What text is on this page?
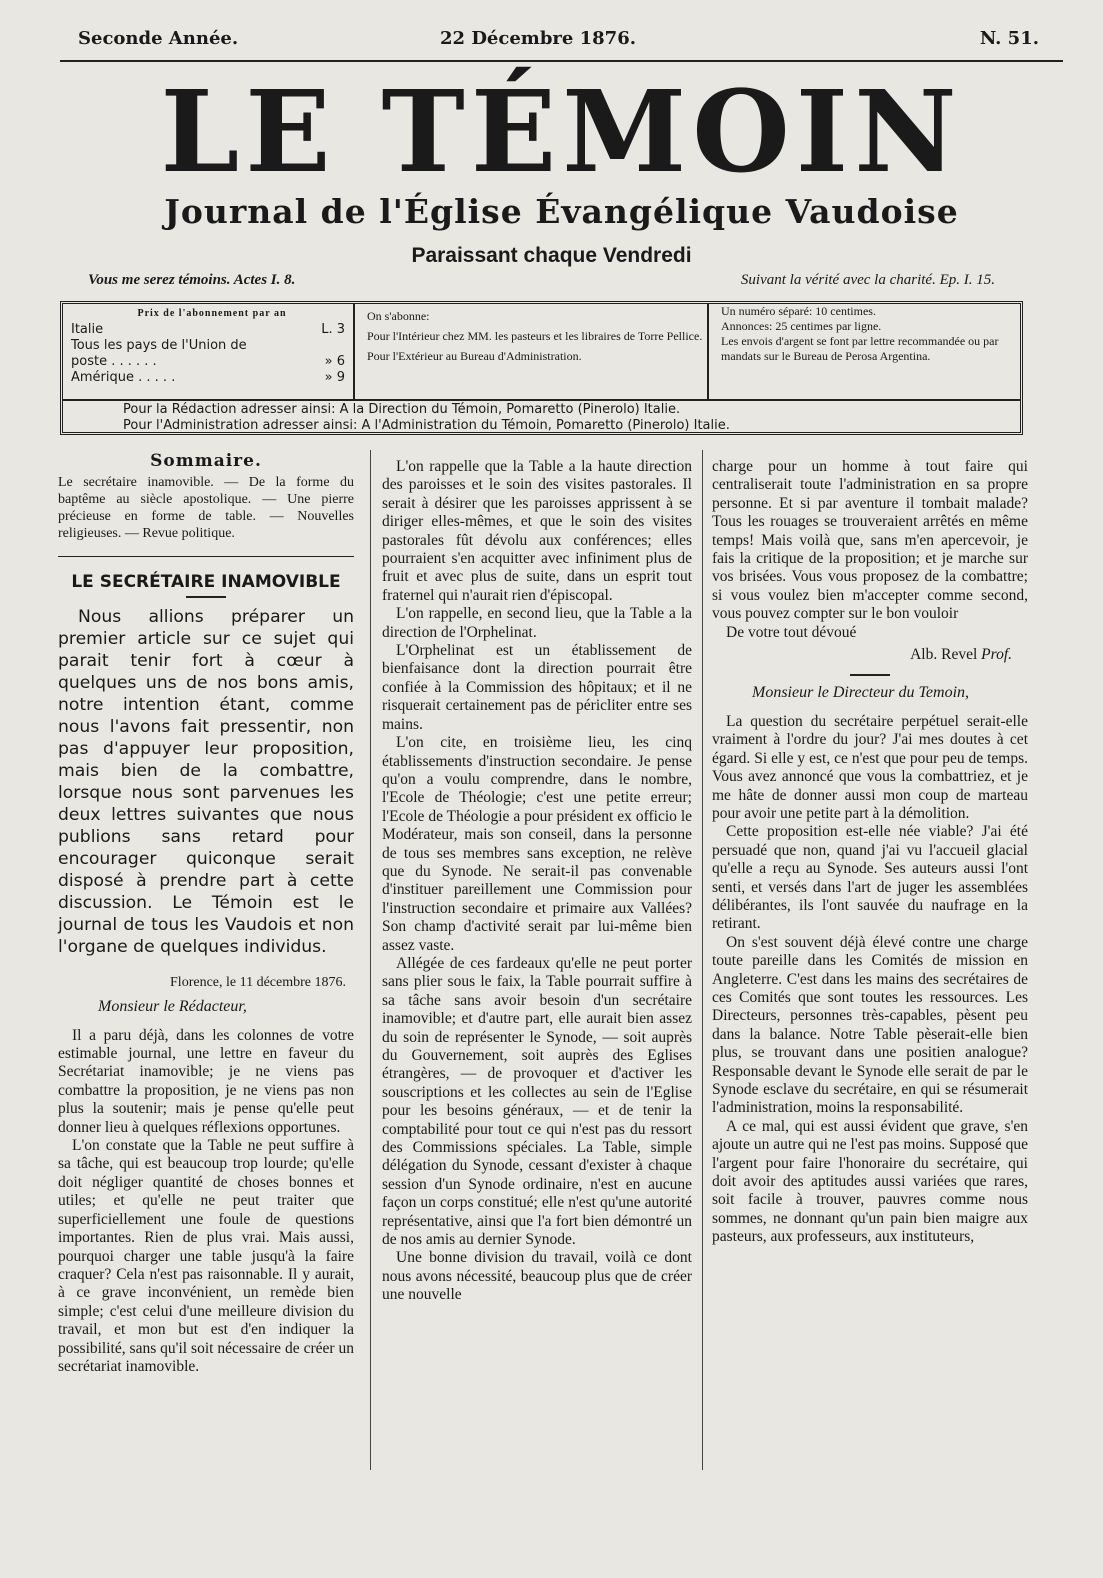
Seconde Année.	22 Décembre 1876.	N. 51.
LE TÉMOIN
Journal de l'Église Évangélique Vaudoise
Paraissant chaque Vendredi
Vous me serez témoins. Actes I. 8.	Suivant la vérité avec la charité. Ep. I. 15.
Prix de l'abonnement par an
Italie	L. 3
Tous les pays de l'Union de
poste . . . . . .	» 6
Amérique . . . . .	» 9
On s'abonne:
Pour l'Intérieur chez MM. les pasteurs et les libraires de Torre Pellice.
Pour l'Extérieur au Bureau d'Administration.
Un numéro séparé: 10 centimes.
Annonces: 25 centimes par ligne.
Les envois d'argent se font par lettre recommandée ou par mandats sur le Bureau de Perosa Argentina.
Pour la Rédaction adresser ainsi: A la Direction du Témoin, Pomaretto (Pinerolo) Italie.
Pour l'Administration adresser ainsi: A l'Administration du Témoin, Pomaretto (Pinerolo) Italie.
Sommaire.
Le secrétaire inamovible. — De la forme du baptême au siècle apostolique. — Une pierre précieuse en forme de table. — Nouvelles religieuses. — Revue politique.
LE SECRÉTAIRE INAMOVIBLE

Nous allions préparer un premier article sur ce sujet qui parait tenir fort à cœur à quelques uns de nos bons amis, notre intention étant, comme nous l'avons fait pressentir, non pas d'appuyer leur proposition, mais bien de la combattre, lorsque nous sont parvenues les deux lettres suivantes que nous publions sans retard pour encourager quiconque serait disposé à prendre part à cette discussion. Le Témoin est le journal de tous les Vaudois et non l'organe de quelques individus.

Florence, le 11 décembre 1876.
Monsieur le Rédacteur,

Il a paru déjà, dans les colonnes de votre estimable journal, une lettre en faveur du Secrétariat inamovible; je ne viens pas combattre la proposition, je ne viens pas non plus la soutenir; mais je pense qu'elle peut donner lieu à quelques réflexions opportunes.

L'on constate que la Table ne peut suffire à sa tâche, qui est beaucoup trop lourde; qu'elle doit négliger quantité de choses bonnes et utiles; et qu'elle ne peut traiter que superficiellement une foule de questions importantes. Rien de plus vrai. Mais aussi, pourquoi charger une table jusqu'à la faire craquer? Cela n'est pas raisonnable. Il y aurait, à ce grave inconvénient, un remède bien simple; c'est celui d'une meilleure division du travail, et mon but est d'en indiquer la possibilité, sans qu'il soit nécessaire de créer un secrétariat inamovible.

L'on rappelle que la Table a la haute direction des paroisses et le soin des visites pastorales. Il serait à désirer que les paroisses apprissent à se diriger elles-mêmes, et que le soin des visites pastorales fût dévolu aux conférences; elles pourraient s'en acquitter avec infiniment plus de fruit et avec plus de suite, dans un esprit tout fraternel qui n'aurait rien d'épiscopal.

L'on rappelle, en second lieu, que la Table a la direction de l'Orphelinat.

L'Orphelinat est un établissement de bienfaisance dont la direction pourrait être confiée à la Commission des hôpitaux; et il ne risquerait certainement pas de péricliter entre ses mains.

L'on cite, en troisième lieu, les cinq établissements d'instruction secondaire. Je pense qu'on a voulu comprendre, dans le nombre, l'Ecole de Théologie; c'est une petite erreur; l'Ecole de Théologie a pour président ex officio le Modérateur, mais son conseil, dans la personne de tous ses membres sans exception, ne relève que du Synode. Ne serait-il pas convenable d'instituer pareillement une Commission pour l'instruction secondaire et primaire aux Vallées? Son champ d'activité serait par lui-même bien assez vaste.

Allégée de ces fardeaux qu'elle ne peut porter sans plier sous le faix, la Table pourrait suffire à sa tâche sans avoir besoin d'un secrétaire inamovible; et d'autre part, elle aurait bien assez du soin de représenter le Synode, — soit auprès du Gouvernement, soit auprès des Eglises étrangères, — de provoquer et d'activer les souscriptions et les collectes au sein de l'Eglise pour les besoins généraux, — et de tenir la comptabilité pour tout ce qui n'est pas du ressort des Commissions spéciales. La Table, simple délégation du Synode, cessant d'exister à chaque session d'un Synode ordinaire, n'est en aucune façon un corps constitué; elle n'est qu'une autorité représentative, ainsi que l'a fort bien démontré un de nos amis au dernier Synode.

Une bonne division du travail, voilà ce dont nous avons nécessité, beaucoup plus que de créer une nouvelle

charge pour un homme à tout faire qui centraliserait toute l'administration en sa propre personne. Et si par aventure il tombait malade? Tous les rouages se trouveraient arrêtés en même temps! Mais voilà que, sans m'en apercevoir, je fais la critique de la proposition; et je marche sur vos brisées. Vous vous proposez de la combattre; si vous voulez bien m'accepter comme second, vous pouvez compter sur le bon vouloir

De votre tout dévoué

Alb. Revel Prof.
Monsieur le Directeur du Temoin,

La question du secrétaire perpétuel serait-elle vraiment à l'ordre du jour? J'ai mes doutes à cet égard. Si elle y est, ce n'est que pour peu de temps. Vous avez annoncé que vous la combattriez, et je me hâte de donner aussi mon coup de marteau pour avoir une petite part à la démolition.

Cette proposition est-elle née viable? J'ai été persuadé que non, quand j'ai vu l'accueil glacial qu'elle a reçu au Synode. Ses auteurs aussi l'ont senti, et versés dans l'art de juger les assemblées délibérantes, ils l'ont sauvée du naufrage en la retirant.

On s'est souvent déjà élevé contre une charge toute pareille dans les Comités de mission en Angleterre. C'est dans les mains des secrétaires de ces Comités que sont toutes les ressources. Les Directeurs, personnes très-capables, pèsent peu dans la balance. Notre Table pèserait-elle bien plus, se trouvant dans une positien analogue? Responsable devant le Synode elle serait de par le Synode esclave du secrétaire, en qui se résumerait l'administration, moins la responsabilité.

A ce mal, qui est aussi évident que grave, s'en ajoute un autre qui ne l'est pas moins. Supposé que l'argent pour faire l'honoraire du secrétaire, qui doit avoir des aptitudes aussi variées que rares, soit facile à trouver, pauvres comme nous sommes, ne donnant qu'un pain bien maigre aux pasteurs, aux professeurs, aux instituteurs,
